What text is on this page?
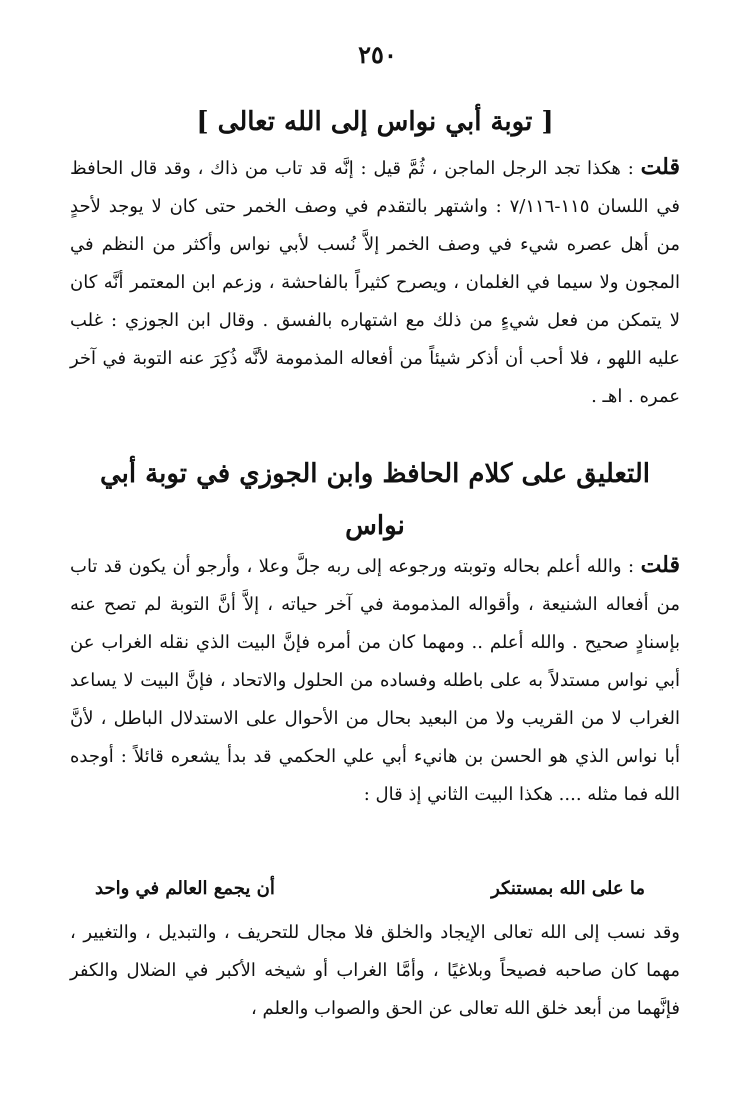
٢٥٠
[ توبة أبي نواس إلى الله تعالى ]

قلت : هكذا تجد الرجل الماجن ، ثُمَّ قيل : إنَّه قد تاب من ذاك ، وقد قال الحافظ في اللسان ١١٥-٧/١١٦ : واشتهر بالتقدم في وصف الخمر حتى كان لا يوجد لأحدٍ من أهل عصره شيء في وصف الخمر إلاَّ نُسب لأبي نواس وأكثر من النظم في المجون ولا سيما في الغلمان ، ويصرح كثيراً بالفاحشة ، وزعم ابن المعتمر أنَّه كان لا يتمكن من فعل شيءٍ من ذلك مع اشتهاره بالفسق . وقال ابن الجوزي : غلب عليه اللهو ، فلا أحب أن أذكر شيئاً من أفعاله المذمومة لأنَّه ذُكِرَ عنه التوبة في آخر عمره . اهـ .

التعليق على كلام الحافظ وابن الجوزي في توبة أبي نواس

قلت : والله أعلم بحاله وتوبته ورجوعه إلى ربه جلَّ وعلا ، وأرجو أن يكون قد تاب من أفعاله الشنيعة ، وأقواله المذمومة في آخر حياته ، إلاَّ أنَّ التوبة لم تصح عنه بإسنادٍ صحيح . والله أعلم .. ومهما كان من أمره فإنَّ البيت الذي نقله الغراب عن أبي نواس مستدلاً به على باطله وفساده من الحلول والاتحاد ، فإنَّ البيت لا يساعد الغراب لا من القريب ولا من البعيد بحال من الأحوال على الاستدلال الباطل ، لأنَّ أبا نواس الذي هو الحسن بن هانيء أبي علي الحكمي قد بدأ يشعره قائلاً : أوجده الله فما مثله .... هكذا البيت الثاني إذ قال :

ما على الله بمستنكر
أن يجمع العالم في واحد

وقد نسب إلى الله تعالى الإيجاد والخلق فلا مجال للتحريف ، والتبديل ، والتغيير ، مهما كان صاحبه فصيحاً وبلاغيًا ، وأمَّا الغراب أو شيخه الأكبر في الضلال والكفر فإنَّهما من أبعد خلق الله تعالى عن الحق والصواب والعلم ،
